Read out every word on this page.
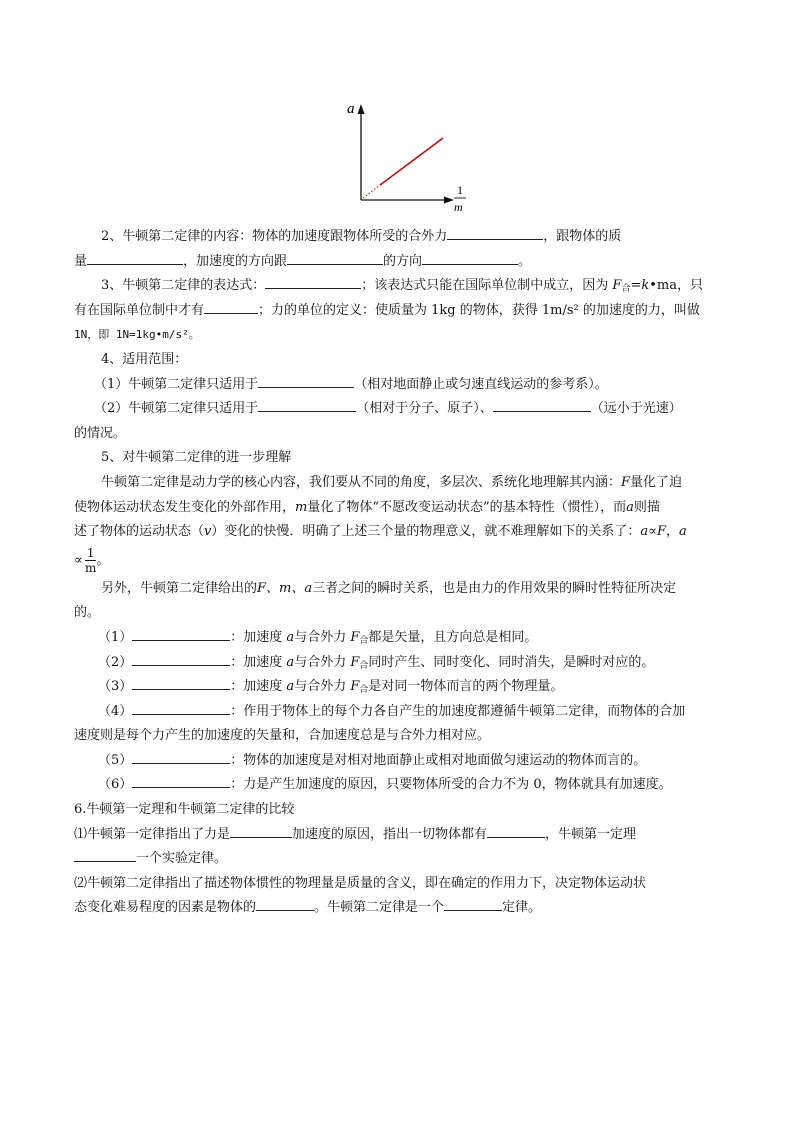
a
1
m
2、牛顿第二定律的内容：物体的加速度跟物体所受的合外力	，跟物体的质
量	，加速度的方向跟	的方向	。
3、牛顿第二定律的表达式：	；该表达式只能在国际单位制中成立，因为 $F_合=k•ma$，只
有在国际单位制中才有	；力的单位的定义：使质量为 1kg 的物体，获得 1m/s² 的加速度的力，叫做
1N，即 1N=1kg•m/s²。
4、适用范围：
（1）牛顿第二定律只适用于	（相对地面静止或匀速直线运动的参考系）。
（2）牛顿第二定律只适用于	（相对于分子、原子）、	（远小于光速）
的情况。
5、对牛顿第二定律的进一步理解
牛顿第二定律是动力学的核心内容，我们要从不同的角度，多层次、系统化地理解其内涵：F量化了迫
使物体运动状态发生变化的外部作用，m量化了物体“不愿改变运动状态”的基本特性（惯性），而a则描
述了物体的运动状态（v）变化的快慢．明确了上述三个量的物理意义，就不难理解如下的关系了：a∝F，a
∝ $\frac{1}{m}$ 。
另外，牛顿第二定律给出的F、m、a三者之间的瞬时关系，也是由力的作用效果的瞬时性特征所决定
的。
（1）	：加速度 a与合外力 $F_合$都是矢量，且方向总是相同。
（2）	：加速度 a与合外力 $F_合$同时产生、同时变化、同时消失，是瞬时对应的。
（3）	：加速度 a与合外力 $F_合$是对同一物体而言的两个物理量。
（4）	：作用于物体上的每个力各自产生的加速度都遵循牛顿第二定律，而物体的合加
速度则是每个力产生的加速度的矢量和，合加速度总是与合外力相对应。
（5）	：物体的加速度是对相对地面静止或相对地面做匀速运动的物体而言的。
（6）	：力是产生加速度的原因，只要物体所受的合力不为 0，物体就具有加速度。
6.牛顿第一定理和牛顿第二定律的比较
⑴牛顿第一定律指出了力是	加速度的原因，指出一切物体都有	，牛顿第一定理
一个实验定律。
⑵牛顿第二定律指出了描述物体惯性的物理量是质量的含义，即在确定的作用力下，决定物体运动状
态变化难易程度的因素是物体的	。牛顿第二定律是一个	定律。
